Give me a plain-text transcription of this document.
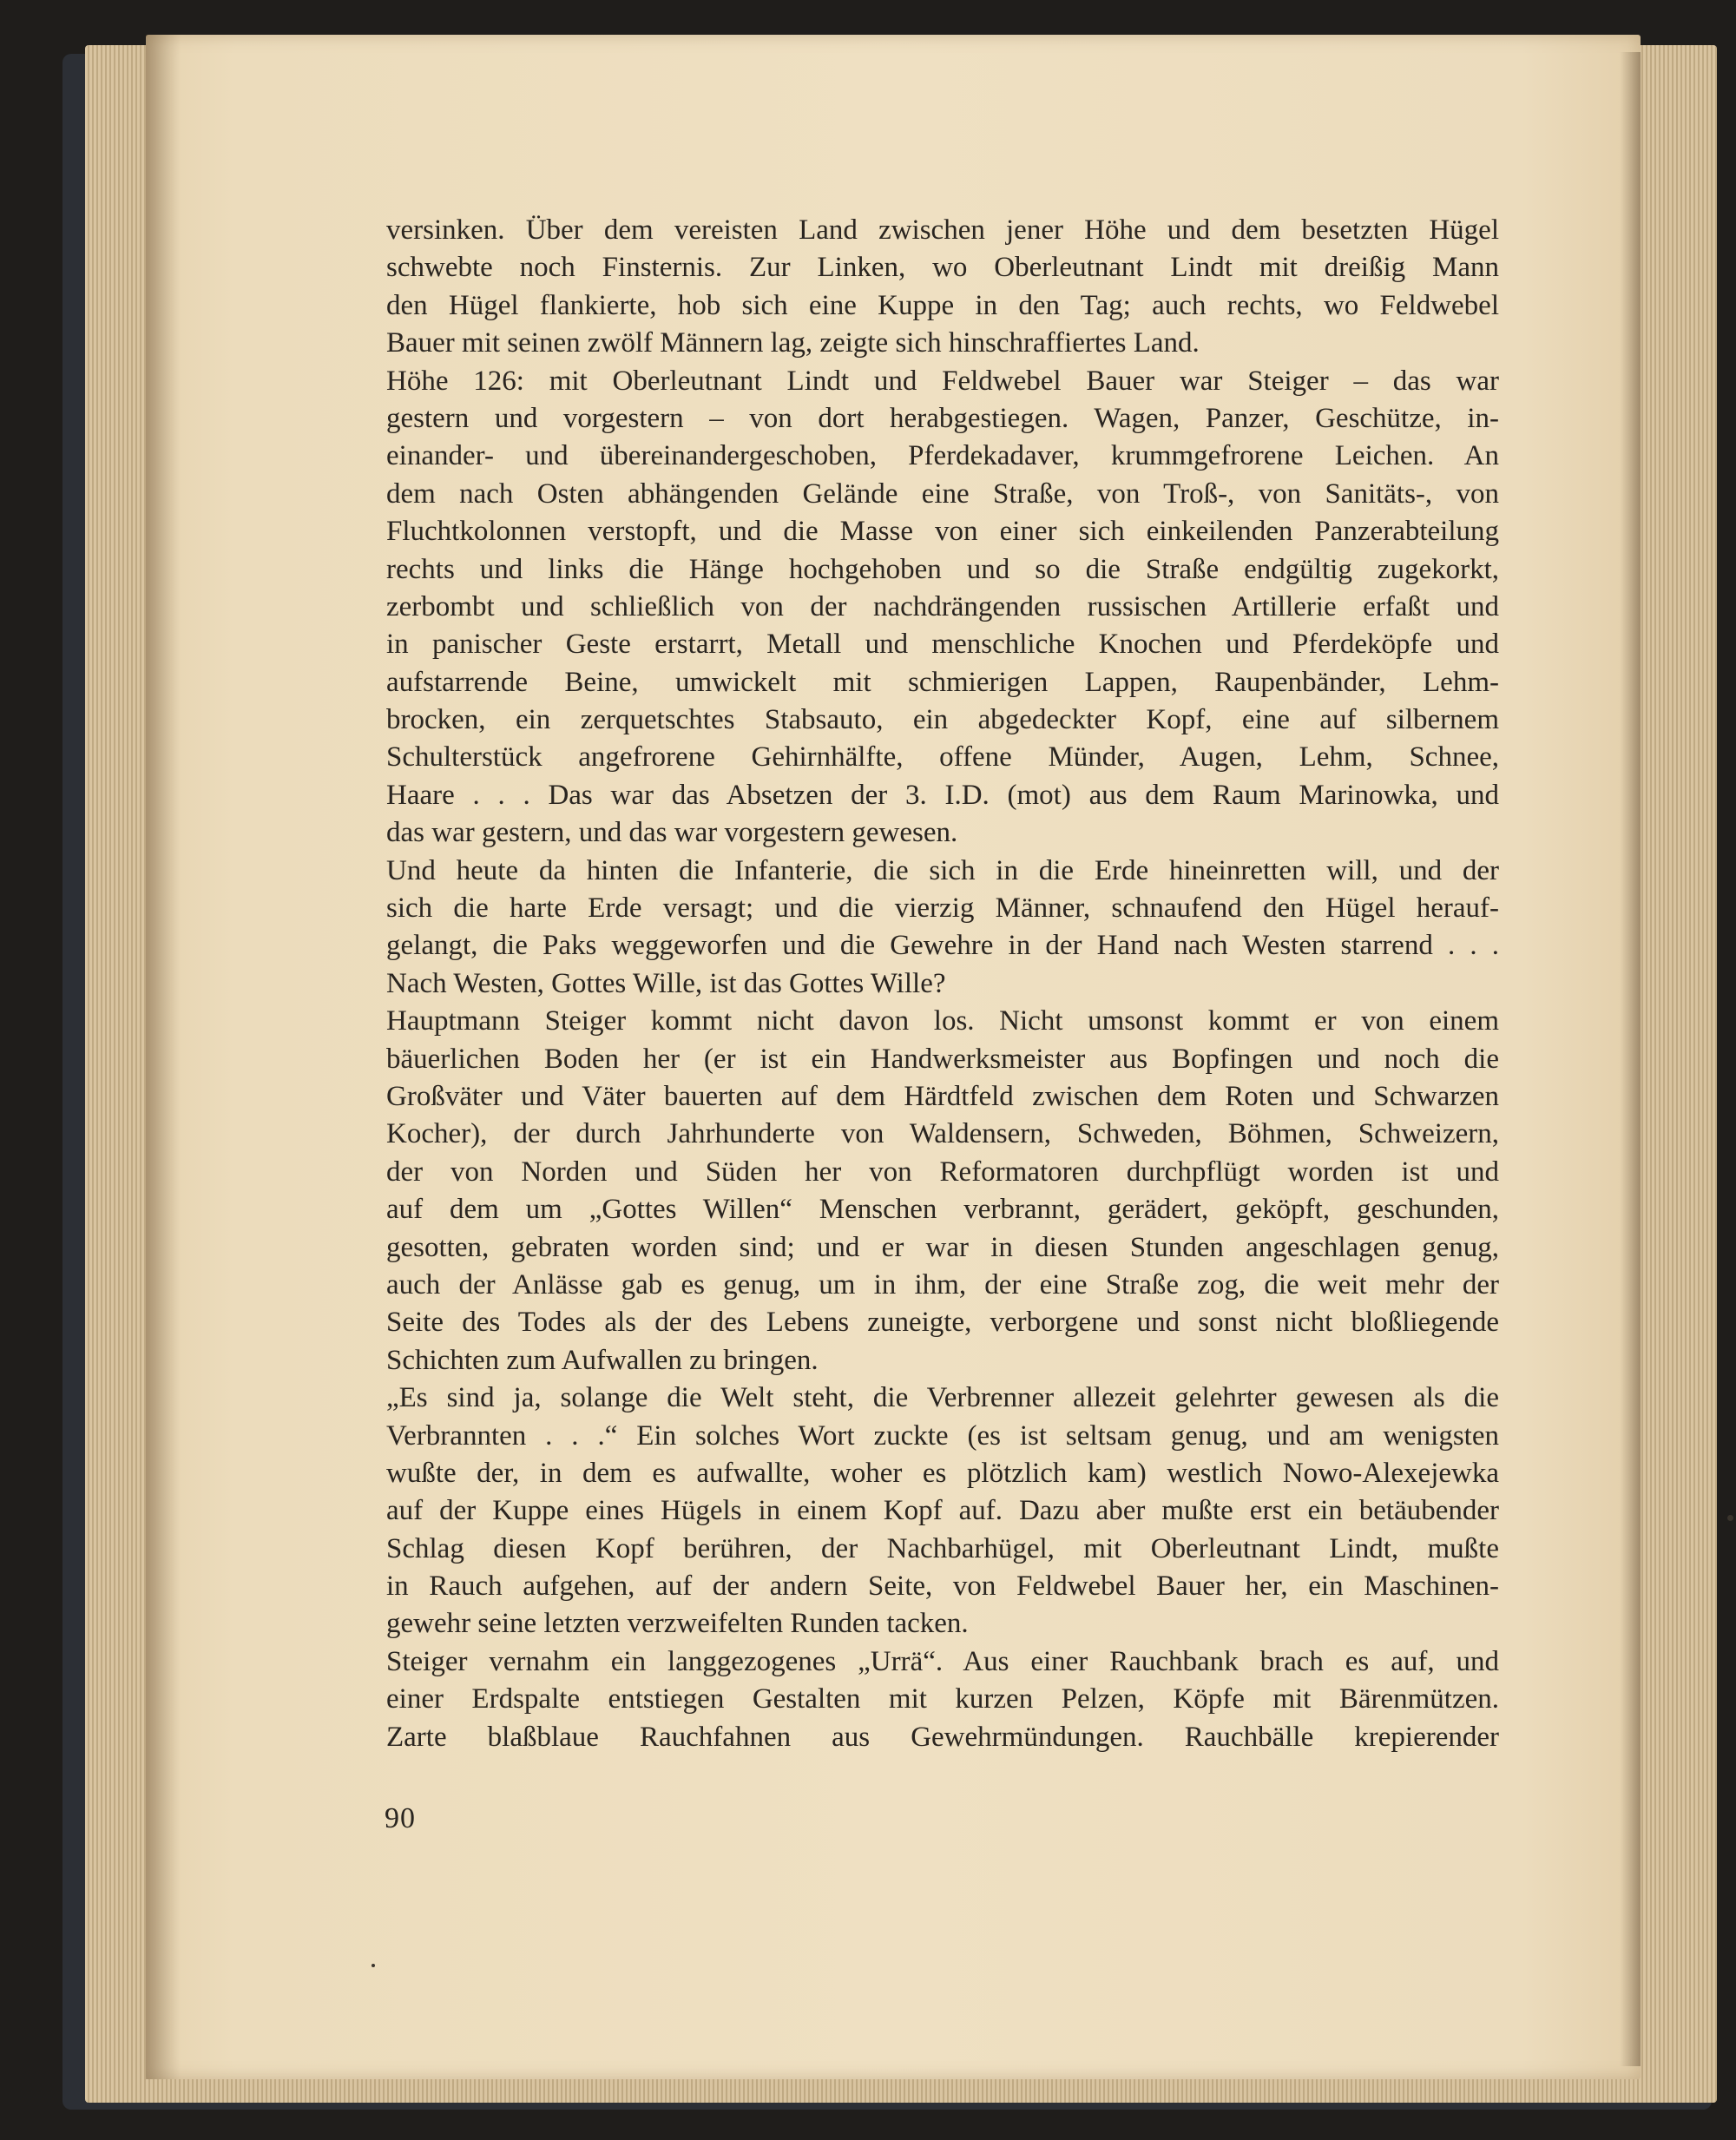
versinken. Über dem vereisten Land zwischen jener Höhe und dem besetzten Hügel
schwebte noch Finsternis. Zur Linken, wo Oberleutnant Lindt mit dreißig Mann
den Hügel flankierte, hob sich eine Kuppe in den Tag; auch rechts, wo Feldwebel
Bauer mit seinen zwölf Männern lag, zeigte sich hinschraffiertes Land.
Höhe 126: mit Oberleutnant Lindt und Feldwebel Bauer war Steiger – das war
gestern und vorgestern – von dort herabgestiegen. Wagen, Panzer, Geschütze, in-
einander- und übereinandergeschoben, Pferdekadaver, krummgefrorene Leichen. An
dem nach Osten abhängenden Gelände eine Straße, von Troß-, von Sanitäts-, von
Fluchtkolonnen verstopft, und die Masse von einer sich einkeilenden Panzerabteilung
rechts und links die Hänge hochgehoben und so die Straße endgültig zugekorkt,
zerbombt und schließlich von der nachdrängenden russischen Artillerie erfaßt und
in panischer Geste erstarrt, Metall und menschliche Knochen und Pferdeköpfe und
aufstarrende Beine, umwickelt mit schmierigen Lappen, Raupenbänder, Lehm-
brocken, ein zerquetschtes Stabsauto, ein abgedeckter Kopf, eine auf silbernem
Schulterstück angefrorene Gehirnhälfte, offene Münder, Augen, Lehm, Schnee,
Haare . . . Das war das Absetzen der 3. I.D. (mot) aus dem Raum Marinowka, und
das war gestern, und das war vorgestern gewesen.
Und heute da hinten die Infanterie, die sich in die Erde hineinretten will, und der
sich die harte Erde versagt; und die vierzig Männer, schnaufend den Hügel herauf-
gelangt, die Paks weggeworfen und die Gewehre in der Hand nach Westen starrend . . .
Nach Westen, Gottes Wille, ist das Gottes Wille?
Hauptmann Steiger kommt nicht davon los. Nicht umsonst kommt er von einem
bäuerlichen Boden her (er ist ein Handwerksmeister aus Bopfingen und noch die
Großväter und Väter bauerten auf dem Härdtfeld zwischen dem Roten und Schwarzen
Kocher), der durch Jahrhunderte von Waldensern, Schweden, Böhmen, Schweizern,
der von Norden und Süden her von Reformatoren durchpflügt worden ist und
auf dem um „Gottes Willen“ Menschen verbrannt, gerädert, geköpft, geschunden,
gesotten, gebraten worden sind; und er war in diesen Stunden angeschlagen genug,
auch der Anlässe gab es genug, um in ihm, der eine Straße zog, die weit mehr der
Seite des Todes als der des Lebens zuneigte, verborgene und sonst nicht bloßliegende
Schichten zum Aufwallen zu bringen.
„Es sind ja, solange die Welt steht, die Verbrenner allezeit gelehrter gewesen als die
Verbrannten . . .“ Ein solches Wort zuckte (es ist seltsam genug, und am wenigsten
wußte der, in dem es aufwallte, woher es plötzlich kam) westlich Nowo-Alexejewka
auf der Kuppe eines Hügels in einem Kopf auf. Dazu aber mußte erst ein betäubender
Schlag diesen Kopf berühren, der Nachbarhügel, mit Oberleutnant Lindt, mußte
in Rauch aufgehen, auf der andern Seite, von Feldwebel Bauer her, ein Maschinen-
gewehr seine letzten verzweifelten Runden tacken.
Steiger vernahm ein langgezogenes „Urrä“. Aus einer Rauchbank brach es auf, und
einer Erdspalte entstiegen Gestalten mit kurzen Pelzen, Köpfe mit Bärenmützen.
Zarte blaßblaue Rauchfahnen aus Gewehrmündungen. Rauchbälle krepierender
90
